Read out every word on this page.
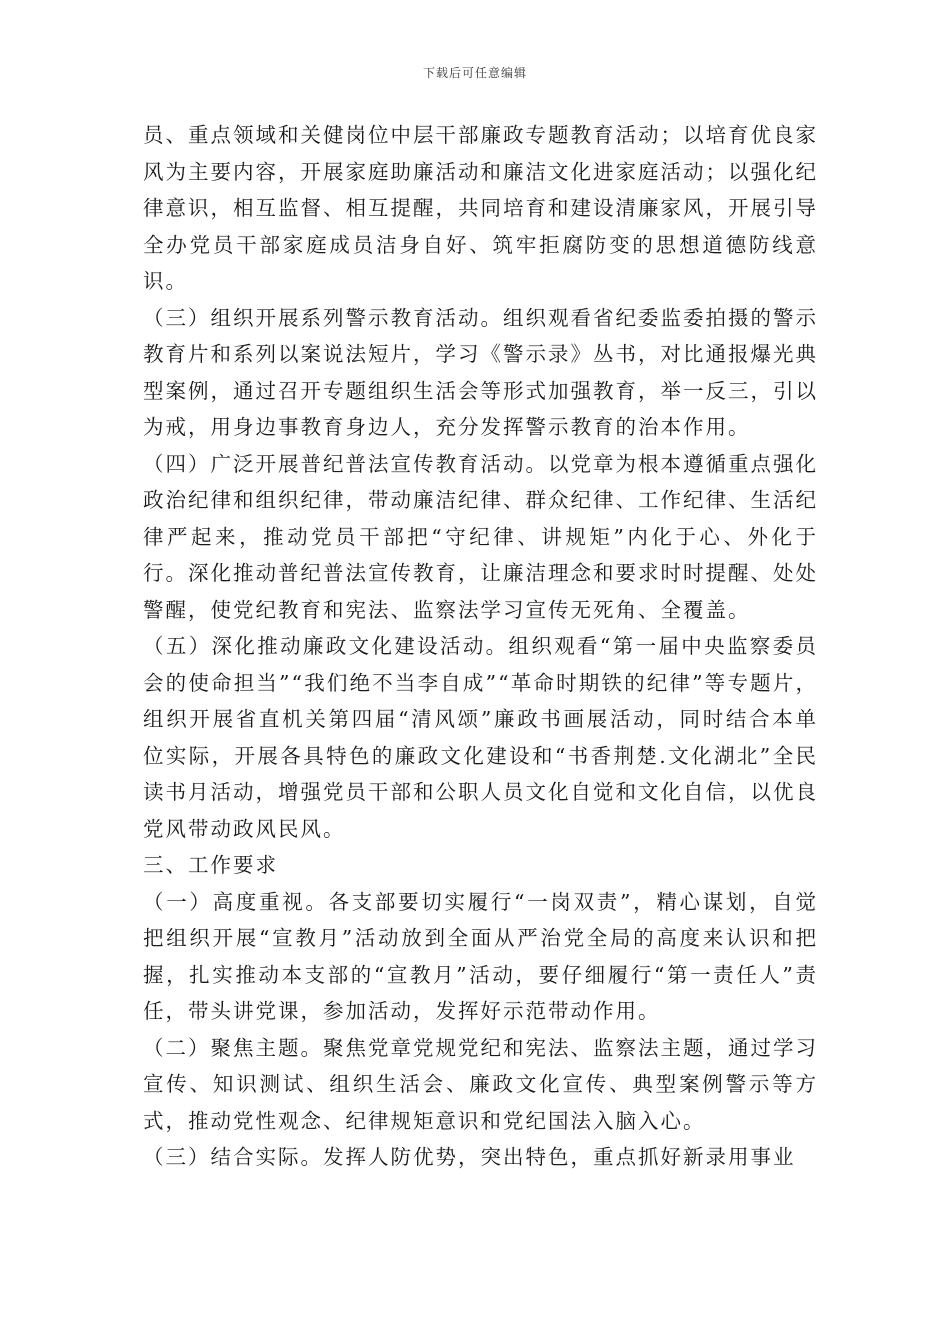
下载后可任意编辑

员、重点领域和关健岗位中层干部廉政专题教育活动；以培育优良家风为主要内容，开展家庭助廉活动和廉洁文化进家庭活动；以强化纪律意识，相互监督、相互提醒，共同培育和建设清廉家风，开展引导全办党员干部家庭成员洁身自好、筑牢拒腐防变的思想道德防线意识。

（三）组织开展系列警示教育活动。组织观看省纪委监委拍摄的警示教育片和系列以案说法短片，学习《警示录》丛书，对比通报爆光典型案例，通过召开专题组织生活会等形式加强教育，举一反三，引以为戒，用身边事教育身边人，充分发挥警示教育的治本作用。

（四）广泛开展普纪普法宣传教育活动。以党章为根本遵循重点强化政治纪律和组织纪律，带动廉洁纪律、群众纪律、工作纪律、生活纪律严起来，推动党员干部把“守纪律、讲规矩”内化于心、外化于行。深化推动普纪普法宣传教育，让廉洁理念和要求时时提醒、处处警醒，使党纪教育和宪法、监察法学习宣传无死角、全覆盖。

（五）深化推动廉政文化建设活动。组织观看“第一届中央监察委员会的使命担当”“我们绝不当李自成”“革命时期铁的纪律”等专题片，组织开展省直机关第四届“清风颂”廉政书画展活动，同时结合本单位实际，开展各具特色的廉政文化建设和“书香荆楚.文化湖北”全民读书月活动，增强党员干部和公职人员文化自觉和文化自信，以优良党风带动政风民风。

三、工作要求

（一）高度重视。各支部要切实履行“一岗双责”，精心谋划，自觉把组织开展“宣教月”活动放到全面从严治党全局的高度来认识和把握，扎实推动本支部的“宣教月”活动，要仔细履行“第一责任人”责任，带头讲党课，参加活动，发挥好示范带动作用。

（二）聚焦主题。聚焦党章党规党纪和宪法、监察法主题，通过学习宣传、知识测试、组织生活会、廉政文化宣传、典型案例警示等方式，推动党性观念、纪律规矩意识和党纪国法入脑入心。

（三）结合实际。发挥人防优势，突出特色，重点抓好新录用事业
